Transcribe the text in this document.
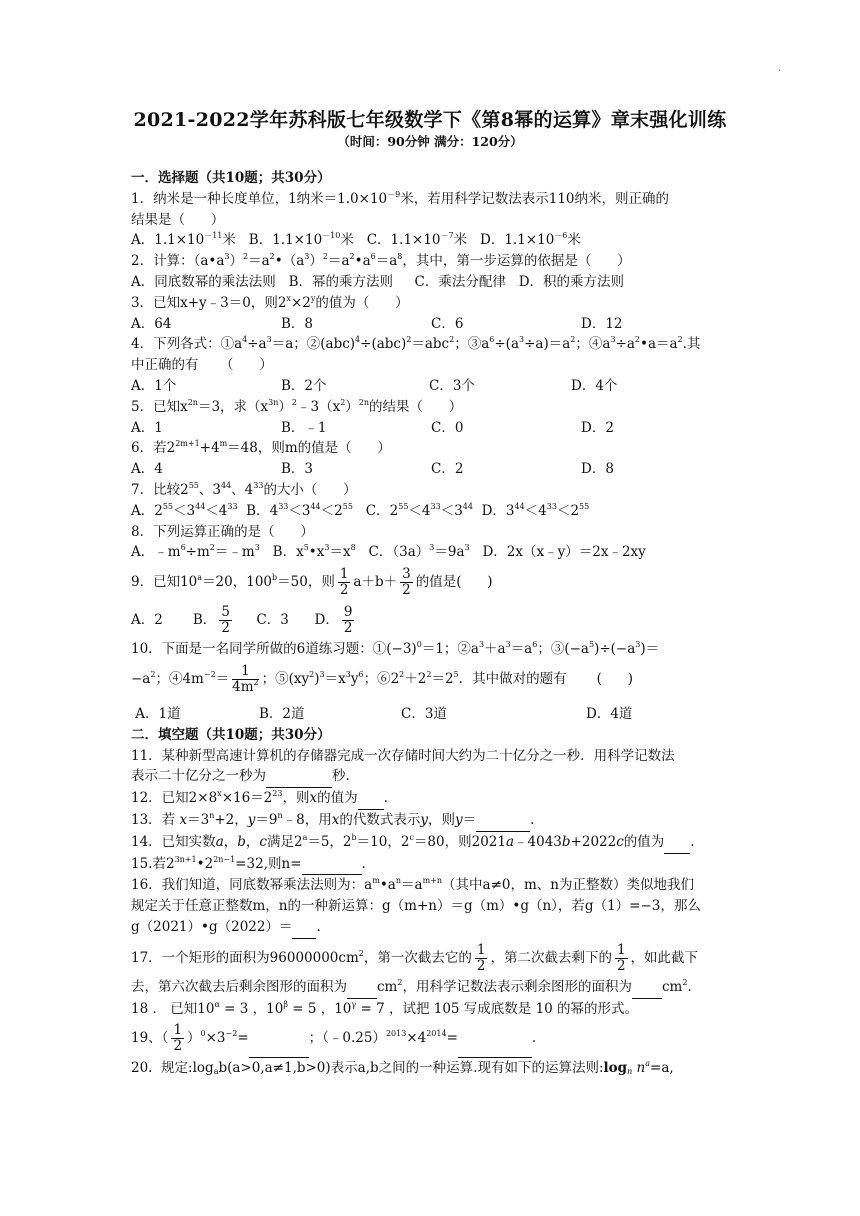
·
2021-2022学年苏科版七年级数学下《第8幂的运算》章末强化训练
（时间：90分钟 满分：120分）
一．选择题（共10题；共30分）
1．纳米是一种长度单位，1纳米$=1.0\times 10^{-9}$米，若用科学记数法表示110纳米，则正确的
结果是（      ）
A．$1.1\times 10^{-11}$米   B．$1.1\times 10^{-10}$米   C．$1.1\times 10^{-7}$米   D．$1.1\times 10^{-6}$米
2．计算：$(a•a^3)^2=a^2•(a^3)^2=a^2•a^6=a^8$，其中，第一步运算的依据是（      ）
A．同底数幂的乘法法则   B．幂的乘方法则     C．乘法分配律   D．积的乘方法则
3．已知x+y﹣3＝0，则$2^x\times 2^y$的值为（      ）
A．64	B．8	C．6	D．12
4．下列各式：$①a^4\div a^3=a$；②(abc)$^4$÷(abc)$^2$＝abc$^2$；$③a^6\div(a^3\div a)=a^2$；$④a^3\div a^2•a=a^2$.其
中正确的有     （      ）
A．1个	B．2个	C．3个	D．4个
5．已知$x^{2n}=3$，求$(x^{3n})^2﹣3(x^2)^{2n}$的结果（      ）
A．1	B．﹣1	C．0	D．2
6．若$2^{2m+1}+4^m=48$，则m的值是（      ）
A．4	B．3	C．2	D．8
7．比较$2^{55}$、$3^{44}$、$4^{33}$的大小（      ）
A．$2^{55}<3^{44}<4^{33}$  B．$4^{33}<3^{44}<2^{55}$   C．$2^{55}<4^{33}<3^{44}$  D．$3^{44}<4^{33}<2^{55}$
8．下列运算正确的是（      ）
A．$﹣m^6\div m^2=﹣m^3$   B．$x^5•x^3=x^8$   C．$(3a)^3=9a^3$   D．2x（x﹣y）＝2x﹣2xy
9．已知$10^a=20$，$100^b=50$，则 $\frac{1}{2} a+b+ \frac{3}{2}$ 的值是(      )
A．2       B． $\frac{5}{2}$ C．3      D． $\frac{9}{2}$
10．下面是一名同学所做的6道练习题：$①(-3)^0=1$；$②a^3+a^3=a^6$；$③(-a^5)\div(-a^3)=$
$-a^2$；$④4m^{-2}= \frac{1}{4m^2}$ ；$⑤(xy^2)^3=x^3y^6$；$⑥2^2+2^2=2^5$．其中做对的题有       (      )
A．1道	B．2道	C．3道	D．4道
二．填空题（共10题；共30分）
11．某种新型高速计算机的存储器完成一次存储时间大约为二十亿分之一秒．用科学记数法
表示二十亿分之一秒为	秒.
12．已知$2\times 8^x\times 16=2^{23}$，则x的值为 .
13．若 $x=3^n+2$，$y=9^n﹣8$，用x的代数式表示y，则y＝	.
14．已知实数a，b，c满足$2^a=5$，$2^b=10$，$2^c=80$，则2021a﹣4043b+2022c的值为 .
15.若$2^{3n+1}•2^{2n-1}=32$,则n=	.
16．我们知道，同底数幂乘法法则为：$a^m•a^n=a^{m+n}$（其中a≠0，m、n为正整数）类似地我们
规定关于任意正整数m，n的一种新运算：g（m+n）＝g（m）•g（n），若g（1）=−3，那么
g（2021）•g（2022）＝ .
17．一个矩形的面积为$96000000cm^2$，第一次截去它的 $\frac{1}{2}$ ，第二次截去剩下的 $\frac{1}{2}$ ，如此截下
去，第六次截去后剩余图形的面积为 $cm^2$，用科学记数法表示剩余图形的面积为 $cm^2$.
18 ． 已知$10^\alpha = 3$ ，$10^\beta = 5$ ，$10^\gamma = 7$ ，试把 105 写成底数是 10 的幂的形式。
19、（ $\frac{1}{2} )^0\times 3^{-2}=$	；$(﹣0.25)^{2013}\times 4^{2014}=$	.
20.  规定$:\log_ab(a>0,a\ne 1,b>0)$表示a,b之间的一种运算.现有如下的运算法则$:\log_n$ $n^a=a$,
